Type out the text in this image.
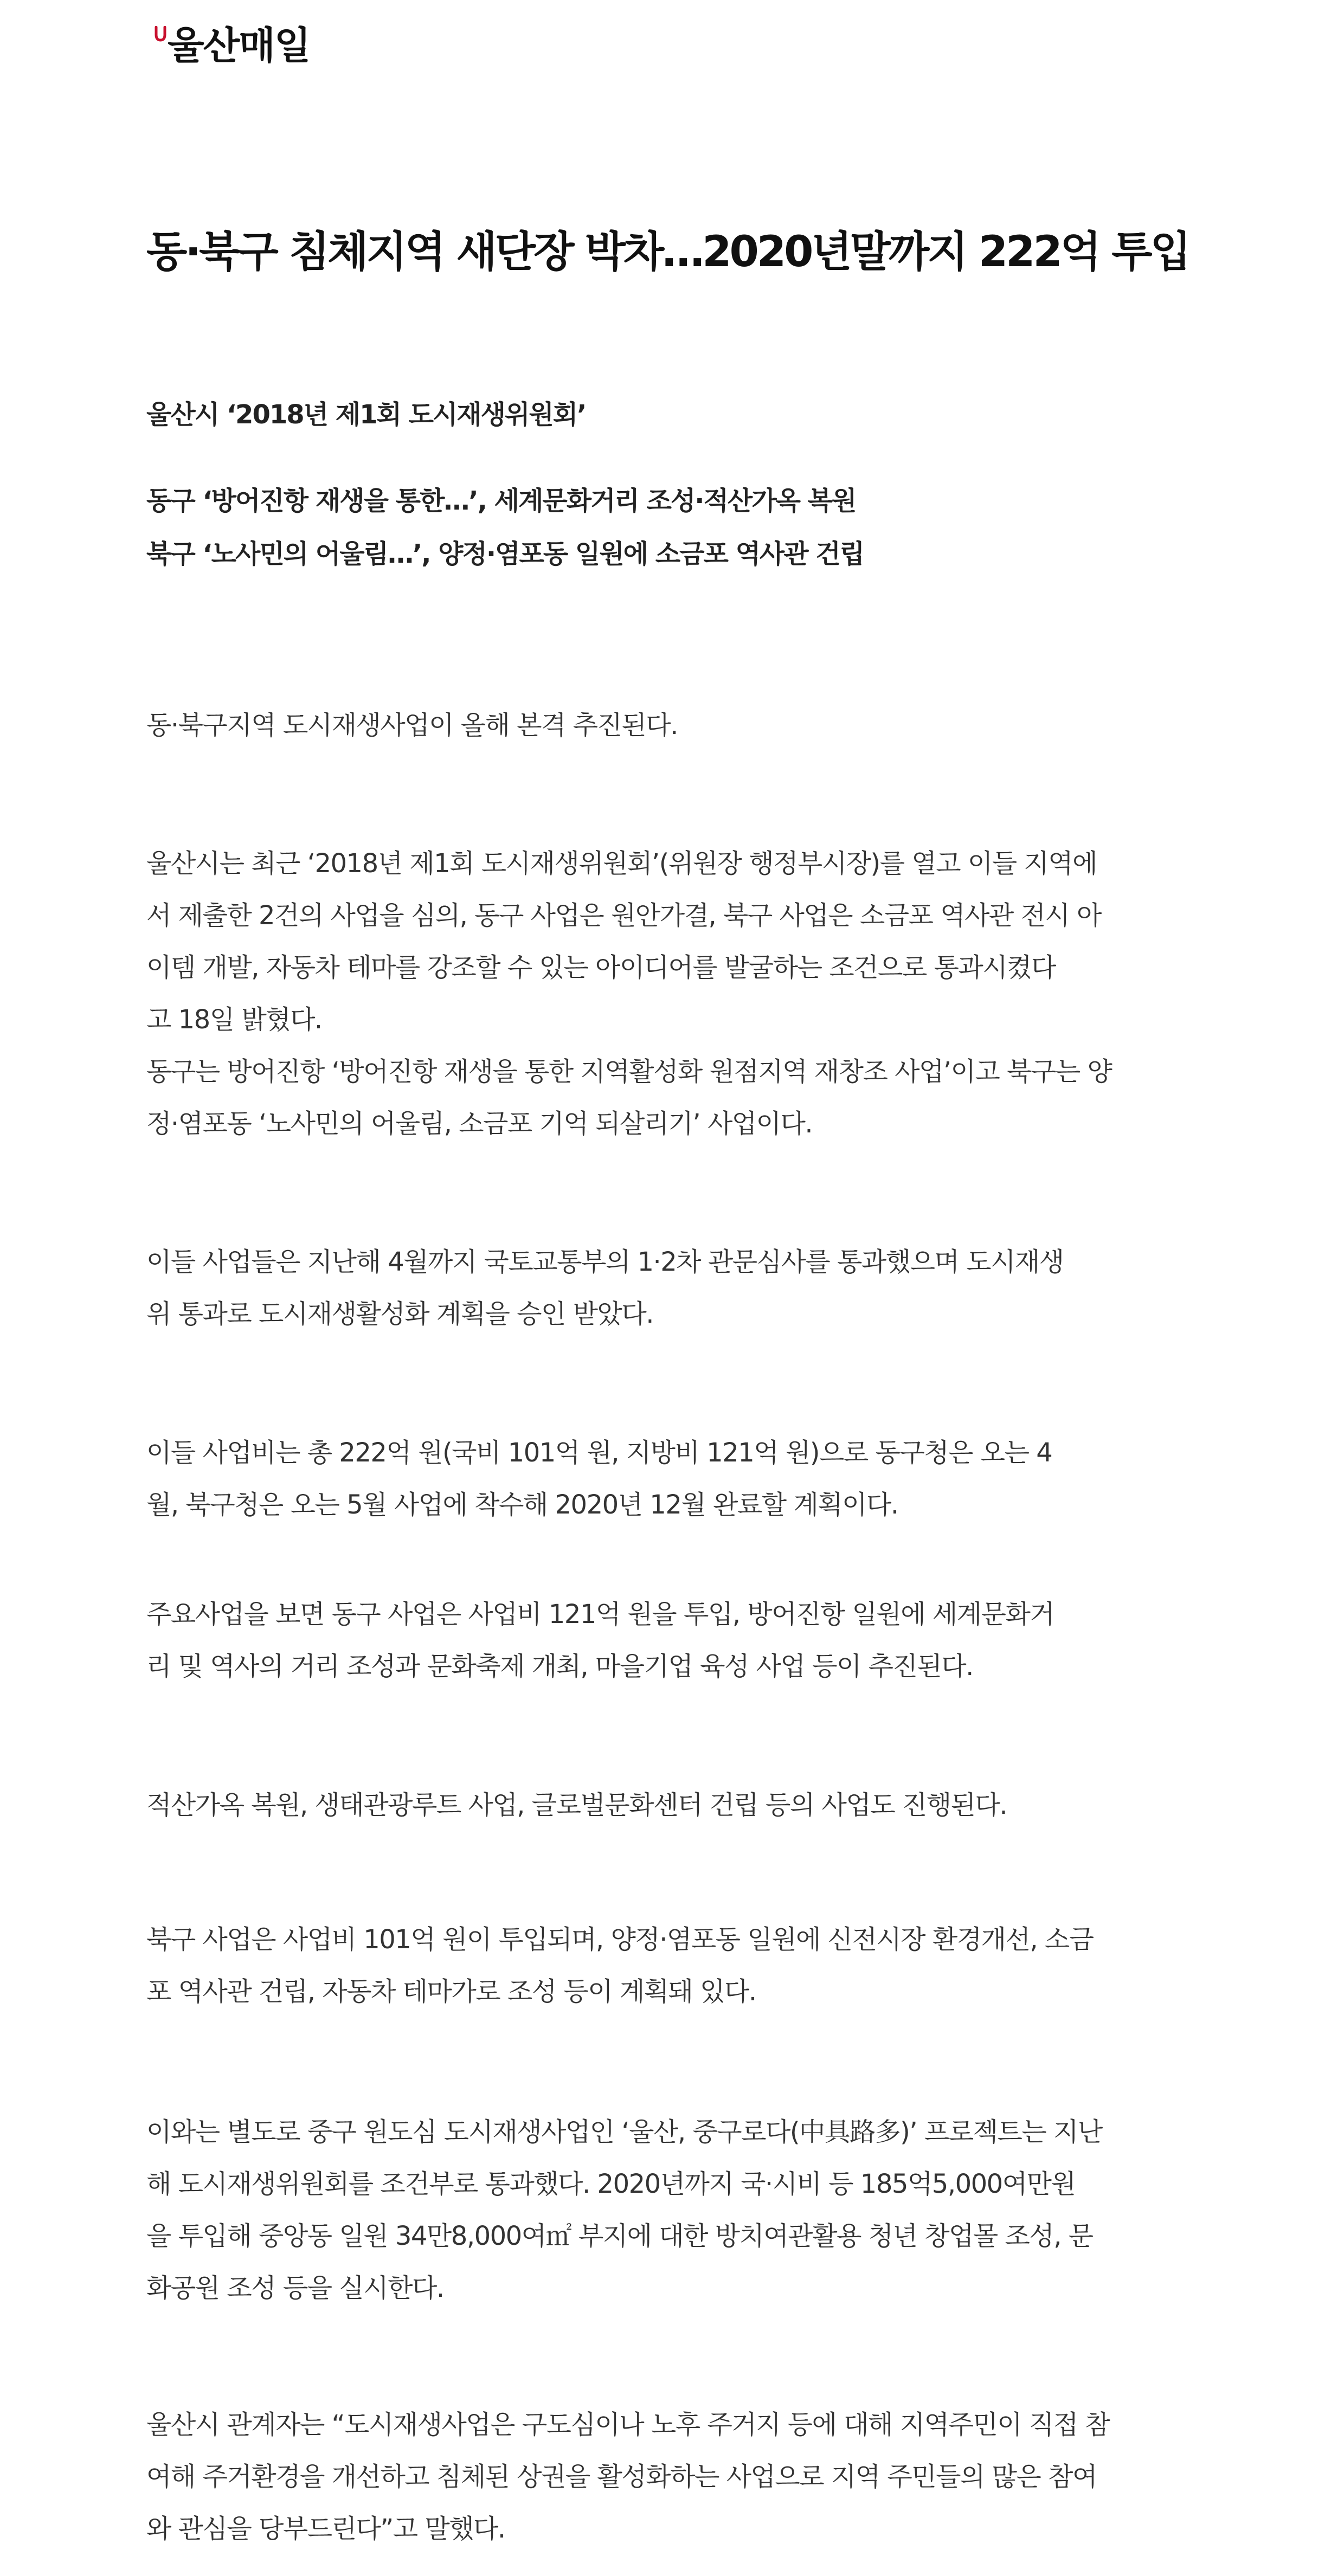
울산매일
동·북구 침체지역 새단장 박차…2020년말까지 222억 투입

울산시 ‘2018년 제1회 도시재생위원회’

동구 ‘방어진항 재생을 통한…’, 세계문화거리 조성·적산가옥 복원

북구 ‘노사민의 어울림…’, 양정·염포동 일원에 소금포 역사관 건립

동·북구지역 도시재생사업이 올해 본격 추진된다.
울산시는 최근 ‘2018년 제1회 도시재생위원회’(위원장 행정부시장)를 열고 이들 지역에
서 제출한 2건의 사업을 심의, 동구 사업은 원안가결, 북구 사업은 소금포 역사관 전시 아
이템 개발, 자동차 테마를 강조할 수 있는 아이디어를 발굴하는 조건으로 통과시켰다
고 18일 밝혔다.
동구는 방어진항 ‘방어진항 재생을 통한 지역활성화 원점지역 재창조 사업’이고 북구는 양
정·염포동 ‘노사민의 어울림, 소금포 기억 되살리기’ 사업이다.
이들 사업들은 지난해 4월까지 국토교통부의 1·2차 관문심사를 통과했으며 도시재생
위 통과로 도시재생활성화 계획을 승인 받았다.
이들 사업비는 총 222억 원(국비 101억 원, 지방비 121억 원)으로 동구청은 오는 4
월, 북구청은 오는 5월 사업에 착수해 2020년 12월 완료할 계획이다.
주요사업을 보면 동구 사업은 사업비 121억 원을 투입, 방어진항 일원에 세계문화거
리 및 역사의 거리 조성과 문화축제 개최, 마을기업 육성 사업 등이 추진된다.
적산가옥 복원, 생태관광루트 사업, 글로벌문화센터 건립 등의 사업도 진행된다.
북구 사업은 사업비 101억 원이 투입되며, 양정·염포동 일원에 신전시장 환경개선, 소금
포 역사관 건립, 자동차 테마가로 조성 등이 계획돼 있다.
이와는 별도로 중구 원도심 도시재생사업인 ‘울산, 중구로다(中具路多)’ 프로젝트는 지난
해 도시재생위원회를 조건부로 통과했다. 2020년까지 국·시비 등 185억5,000여만원
을 투입해 중앙동 일원 34만8,000여㎡ 부지에 대한 방치여관활용 청년 창업몰 조성, 문
화공원 조성 등을 실시한다.
울산시 관계자는 “도시재생사업은 구도심이나 노후 주거지 등에 대해 지역주민이 직접 참
여해 주거환경을 개선하고 침체된 상권을 활성화하는 사업으로 지역 주민들의 많은 참여
와 관심을 당부드린다”고 말했다.
